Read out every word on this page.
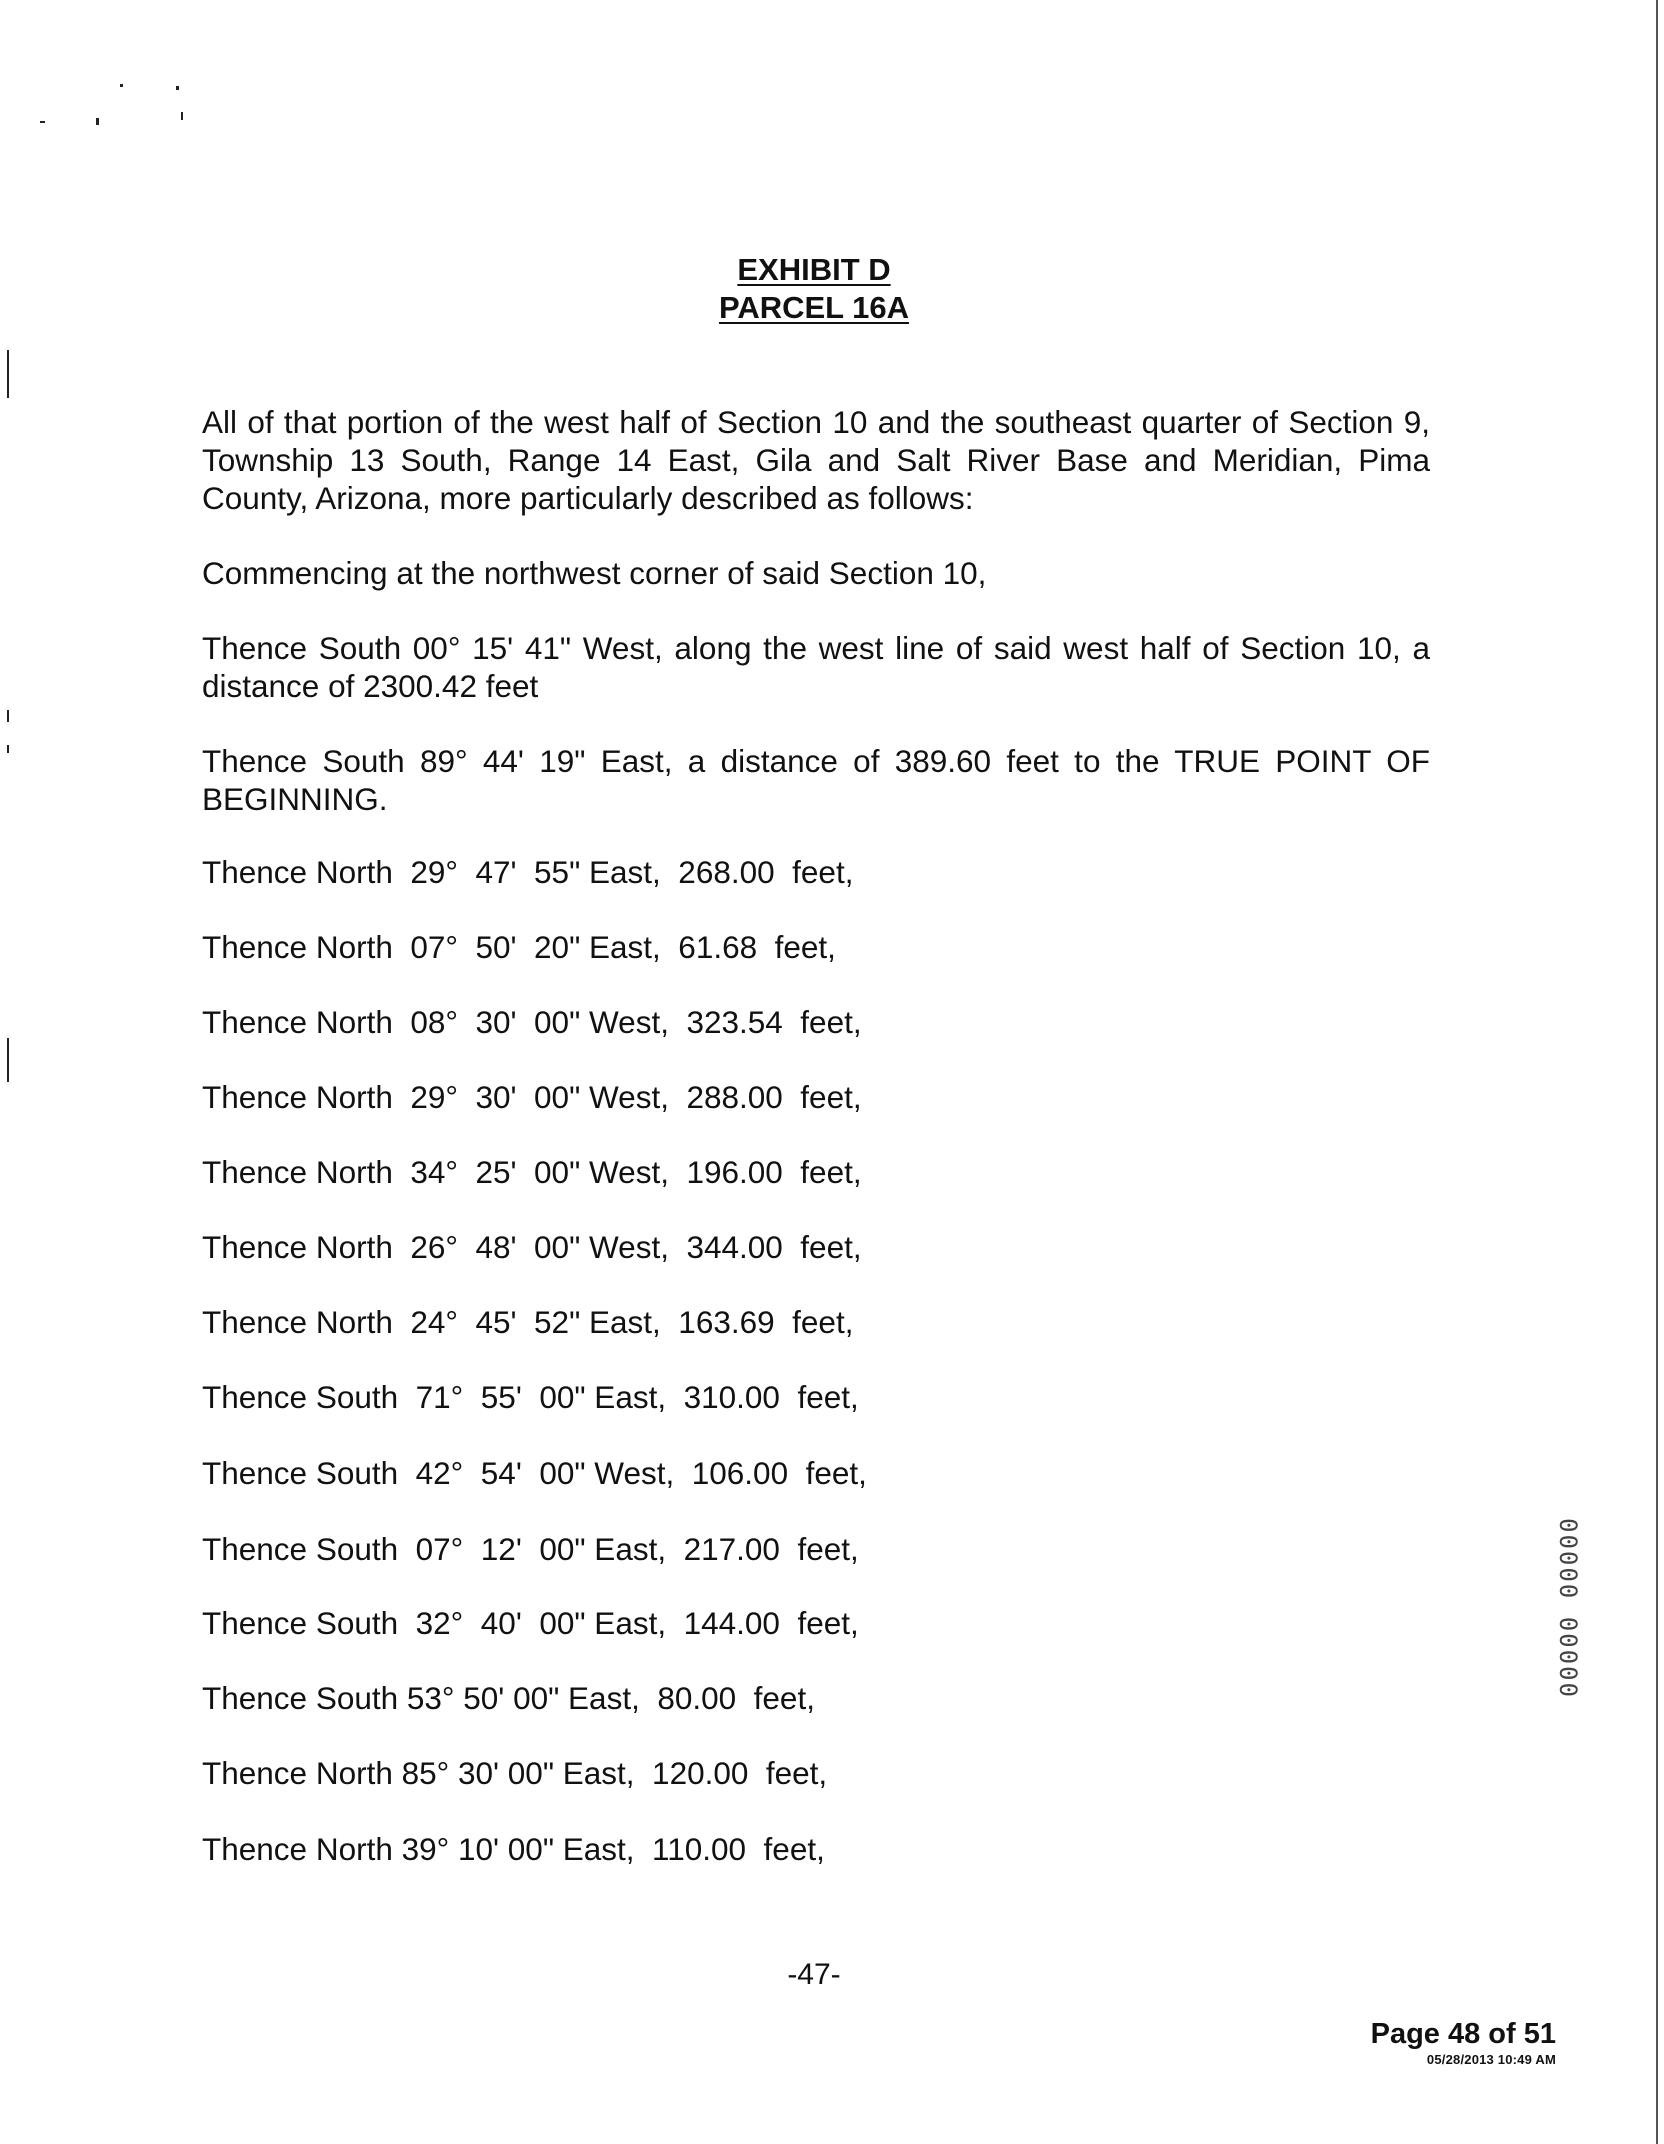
EXHIBIT D
PARCEL 16A
All of that portion of the west half of Section 10 and the southeast quarter of Section 9, Township 13 South, Range 14 East, Gila and Salt River Base and Meridian, Pima County, Arizona, more particularly described as follows:
Commencing at the northwest corner of said Section 10,
Thence South 00° 15' 41" West, along the west line of said west half of Section 10, a distance of 2300.42 feet
Thence South 89° 44' 19" East, a distance of 389.60 feet to the TRUE POINT OF BEGINNING.
Thence North  29°  47'  55" East,  268.00  feet,
Thence North  07°  50'  20" East,  61.68  feet,
Thence North  08°  30'  00" West,  323.54  feet,
Thence North  29°  30'  00" West,  288.00  feet,
Thence North  34°  25'  00" West,  196.00  feet,
Thence North  26°  48'  00" West,  344.00  feet,
Thence North  24°  45'  52" East,  163.69  feet,
Thence South  71°  55'  00" East,  310.00  feet,
Thence South  42°  54'  00" West,  106.00  feet,
Thence South  07°  12'  00" East,  217.00  feet,
Thence South  32°  40'  00" East,  144.00  feet,
Thence South 53° 50' 00" East,  80.00  feet,
Thence North 85° 30' 00" East,  120.00  feet,
Thence North 39° 10' 00" East,  110.00  feet,
00000 00000
-47-
Page 48 of 51
05/28/2013 10:49 AM
